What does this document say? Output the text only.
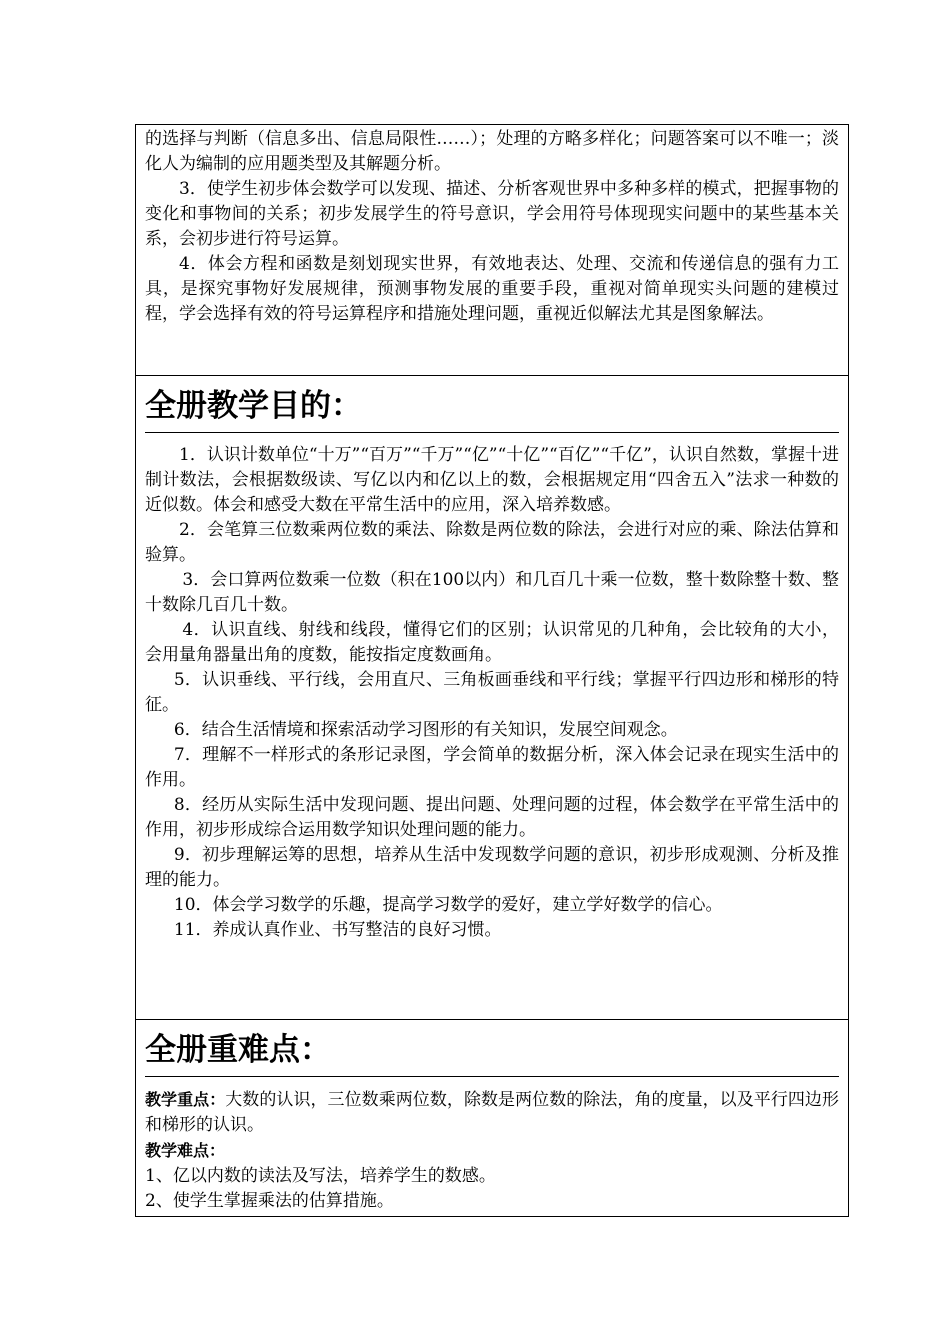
的选择与判断（信息多出、信息局限性……）；处理的方略多样化；问题答案可以不唯一；淡化人为编制的应用题类型及其解题分析。

3．使学生初步体会数学可以发现、描述、分析客观世界中多种多样的模式，把握事物的变化和事物间的关系；初步发展学生的符号意识，学会用符号体现现实问题中的某些基本关系，会初步进行符号运算。

4．体会方程和函数是刻划现实世界，有效地表达、处理、交流和传递信息的强有力工具，是探究事物好发展规律，预测事物发展的重要手段，重视对简单现实头问题的建模过程，学会选择有效的符号运算程序和措施处理问题，重视近似解法尤其是图象解法。

全册教学目的：

1．认识计数单位“十万”“百万”“千万”“亿”“十亿”“百亿”“千亿”，认识自然数，掌握十进制计数法，会根据数级读、写亿以内和亿以上的数，会根据规定用“四舍五入”法求一种数的近似数。体会和感受大数在平常生活中的应用，深入培养数感。

2．会笔算三位数乘两位数的乘法、除数是两位数的除法，会进行对应的乘、除法估算和验算。

3．会口算两位数乘一位数（积在100以内）和几百几十乘一位数，整十数除整十数、整十数除几百几十数。

4．认识直线、射线和线段，懂得它们的区别；认识常见的几种角，会比较角的大小，会用量角器量出角的度数，能按指定度数画角。

5．认识垂线、平行线，会用直尺、三角板画垂线和平行线；掌握平行四边形和梯形的特征。

6．结合生活情境和探索活动学习图形的有关知识，发展空间观念。

7．理解不一样形式的条形记录图，学会简单的数据分析，深入体会记录在现实生活中的作用。

8．经历从实际生活中发现问题、提出问题、处理问题的过程，体会数学在平常生活中的作用，初步形成综合运用数学知识处理问题的能力。

9．初步理解运筹的思想，培养从生活中发现数学问题的意识，初步形成观测、分析及推理的能力。

10．体会学习数学的乐趣，提高学习数学的爱好，建立学好数学的信心。

11．养成认真作业、书写整洁的良好习惯。

全册重难点：

教学重点：大数的认识，三位数乘两位数，除数是两位数的除法，角的度量，以及平行四边形和梯形的认识。

教学难点：

1、亿以内数的读法及写法，培养学生的数感。

2、使学生掌握乘法的估算措施。
